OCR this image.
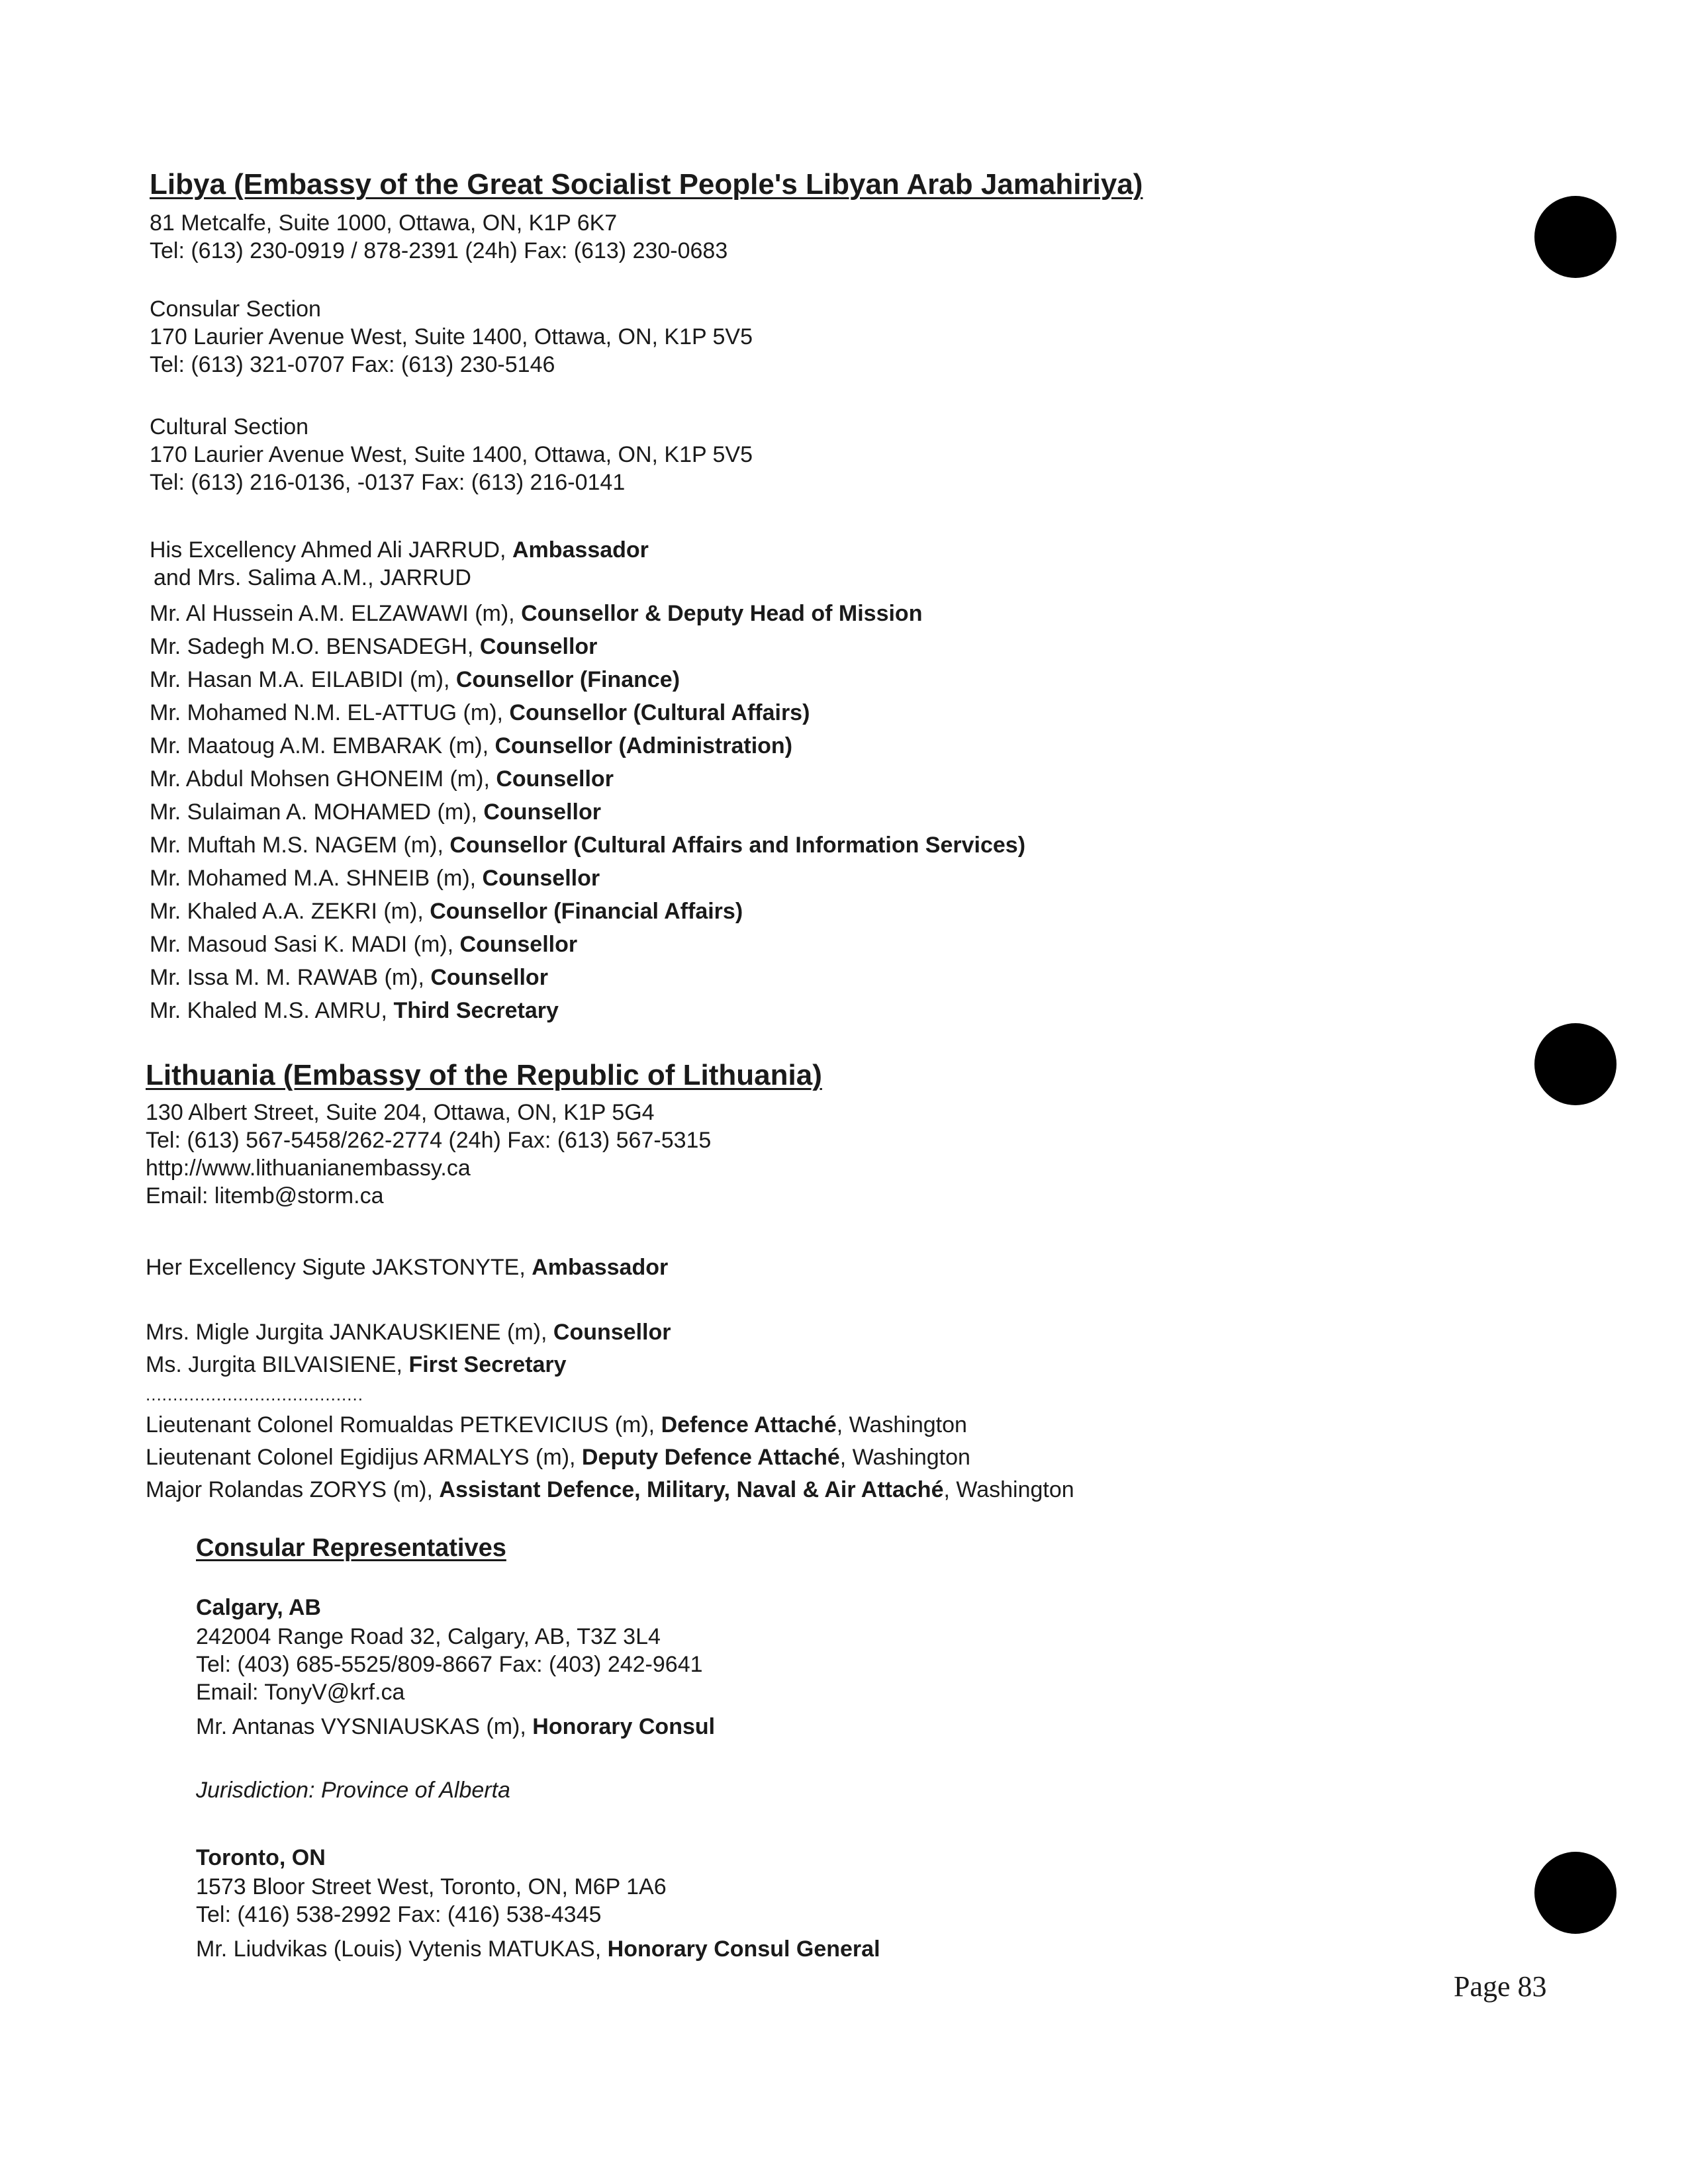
Libya (Embassy of the Great Socialist People's Libyan Arab Jamahiriya)
81 Metcalfe, Suite 1000, Ottawa, ON, K1P 6K7
Tel: (613) 230-0919 / 878-2391 (24h) Fax: (613) 230-0683
Consular Section
170 Laurier Avenue West, Suite 1400, Ottawa, ON, K1P 5V5
Tel: (613) 321-0707 Fax: (613) 230-5146
Cultural Section
170 Laurier Avenue West, Suite 1400, Ottawa, ON, K1P 5V5
Tel: (613) 216-0136, -0137 Fax: (613) 216-0141
His Excellency Ahmed Ali JARRUD, Ambassador
and Mrs. Salima A.M., JARRUD
Mr. Al Hussein A.M. ELZAWAWI (m), Counsellor & Deputy Head of Mission
Mr. Sadegh M.O. BENSADEGH, Counsellor
Mr. Hasan M.A. EILABIDI (m), Counsellor (Finance)
Mr. Mohamed N.M. EL-ATTUG (m), Counsellor (Cultural Affairs)
Mr. Maatoug A.M. EMBARAK (m), Counsellor (Administration)
Mr. Abdul Mohsen GHONEIM (m), Counsellor
Mr. Sulaiman A. MOHAMED (m), Counsellor
Mr. Muftah M.S. NAGEM (m), Counsellor (Cultural Affairs and Information Services)
Mr. Mohamed M.A. SHNEIB (m), Counsellor
Mr. Khaled A.A. ZEKRI (m), Counsellor (Financial Affairs)
Mr. Masoud Sasi K. MADI (m), Counsellor
Mr. Issa M. M. RAWAB (m), Counsellor
Mr. Khaled M.S. AMRU, Third Secretary
Lithuania (Embassy of the Republic of Lithuania)
130 Albert Street, Suite 204, Ottawa, ON, K1P 5G4
Tel: (613) 567-5458/262-2774 (24h) Fax: (613) 567-5315
http://www.lithuanianembassy.ca
Email: litemb@storm.ca
Her Excellency Sigute JAKSTONYTE, Ambassador
Mrs. Migle Jurgita JANKAUSKIENE (m), Counsellor
Ms. Jurgita BILVAISIENE, First Secretary
........................................
Lieutenant Colonel Romualdas PETKEVICIUS (m), Defence Attaché, Washington
Lieutenant Colonel Egidijus ARMALYS (m), Deputy Defence Attaché, Washington
Major Rolandas ZORYS (m), Assistant Defence, Military, Naval & Air Attaché, Washington
Consular Representatives
Calgary, AB
242004 Range Road 32, Calgary, AB, T3Z 3L4
Tel: (403) 685-5525/809-8667 Fax: (403) 242-9641
Email: TonyV@krf.ca
Mr. Antanas VYSNIAUSKAS (m), Honorary Consul
Jurisdiction: Province of Alberta
Toronto, ON
1573 Bloor Street West, Toronto, ON, M6P 1A6
Tel: (416) 538-2992 Fax: (416) 538-4345
Mr. Liudvikas (Louis) Vytenis MATUKAS, Honorary Consul General
Page 83
